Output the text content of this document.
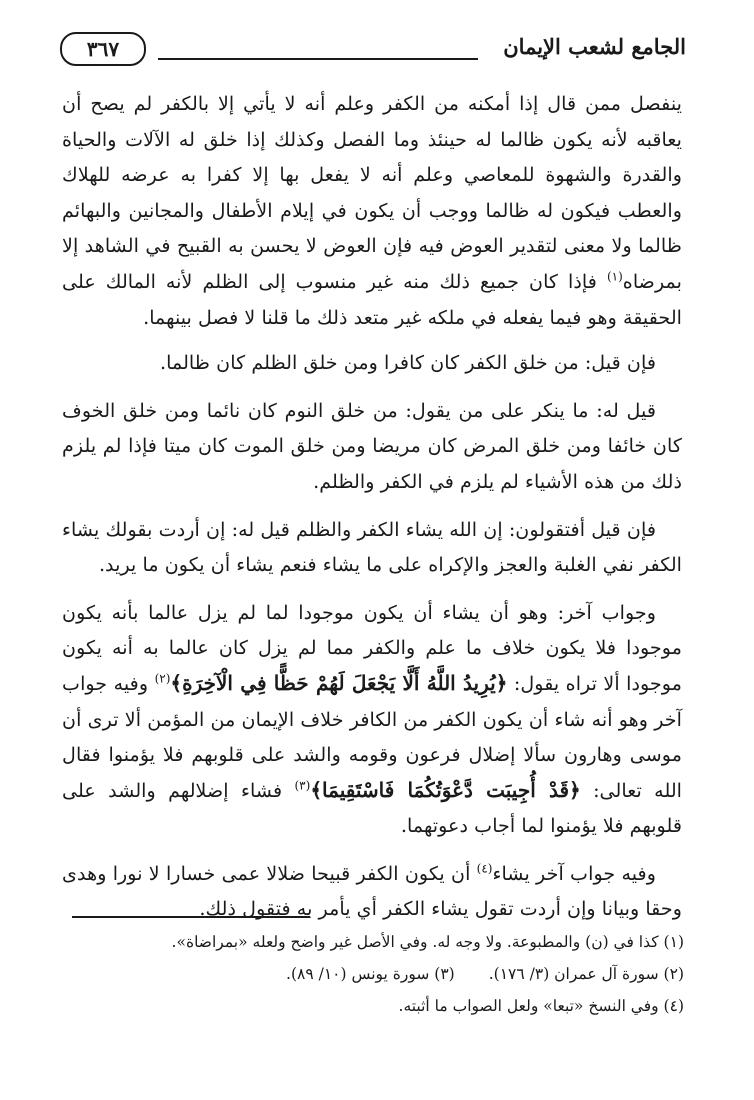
الجامع لشعب الإيمان
٣٦٧

ينفصل ممن قال إذا أمكنه من الكفر وعلم أنه لا يأتي إلا بالكفر لم يصح أن يعاقبه لأنه يكون ظالما له حينئذ وما الفصل وكذلك إذا خلق له الآلات والحياة والقدرة والشهوة للمعاصي وعلم أنه لا يفعل بها إلا كفرا به عرضه للهلاك والعطب فيكون له ظالما ووجب أن يكون في إيلام الأطفال والمجانين والبهائم ظالما ولا معنى لتقدير العوض فيه فإن العوض لا يحسن به القبيح في الشاهد إلا بمرضاه$^{(١)}$ فإذا كان جميع ذلك منه غير منسوب إلى الظلم لأنه المالك على الحقيقة وهو فيما يفعله في ملكه غير متعد ذلك ما قلنا لا فصل بينهما.

فإن قيل: من خلق الكفر كان كافرا ومن خلق الظلم كان ظالما.

قيل له: ما ينكر على من يقول: من خلق النوم كان نائما ومن خلق الخوف كان خائفا ومن خلق المرض كان مريضا ومن خلق الموت كان ميتا فإذا لم يلزم ذلك من هذه الأشياء لم يلزم في الكفر والظلم.

فإن قيل أفتقولون: إن الله يشاء الكفر والظلم قيل له: إن أردت بقولك يشاء الكفر نفي الغلبة والعجز والإكراه على ما يشاء فنعم يشاء أن يكون ما يريد.

وجواب آخر: وهو أن يشاء أن يكون موجودا لما لم يزل عالما بأنه يكون موجودا فلا يكون خلاف ما علم والكفر مما لم يزل كان عالما به أنه يكون موجودا ألا تراه يقول: ﴿يُرِيدُ اللَّهُ أَلَّا يَجْعَلَ لَهُمْ حَظًّا فِي الْآخِرَةِ﴾$^{(٢)}$ وفيه جواب آخر وهو أنه شاء أن يكون الكفر من الكافر خلاف الإيمان من المؤمن ألا ترى أن موسى وهارون سألا إضلال فرعون وقومه والشد على قلوبهم فلا يؤمنوا فقال الله تعالى: ﴿قَدْ أُجِيبَت دَّعْوَتُكُمَا فَاسْتَقِيمَا﴾$^{(٣)}$ فشاء إضلالهم والشد على قلوبهم فلا يؤمنوا لما أجاب دعوتهما.

وفيه جواب آخر يشاء$^{(٤)}$ أن يكون الكفر قبيحا ضلالا عمى خسارا لا نورا وهدى وحقا وبيانا وإن أردت تقول يشاء الكفر أي يأمر به فتقول ذلك.

(١) كذا في (ن) والمطبوعة. ولا وجه له. وفي الأصل غير واضح ولعله «بمراضاة».
(٢) سورة آل عمران (٣/ ١٧٦).(٣) سورة يونس (١٠/ ٨٩).
(٤) وفي النسخ «تبعا» ولعل الصواب ما أثبته.
